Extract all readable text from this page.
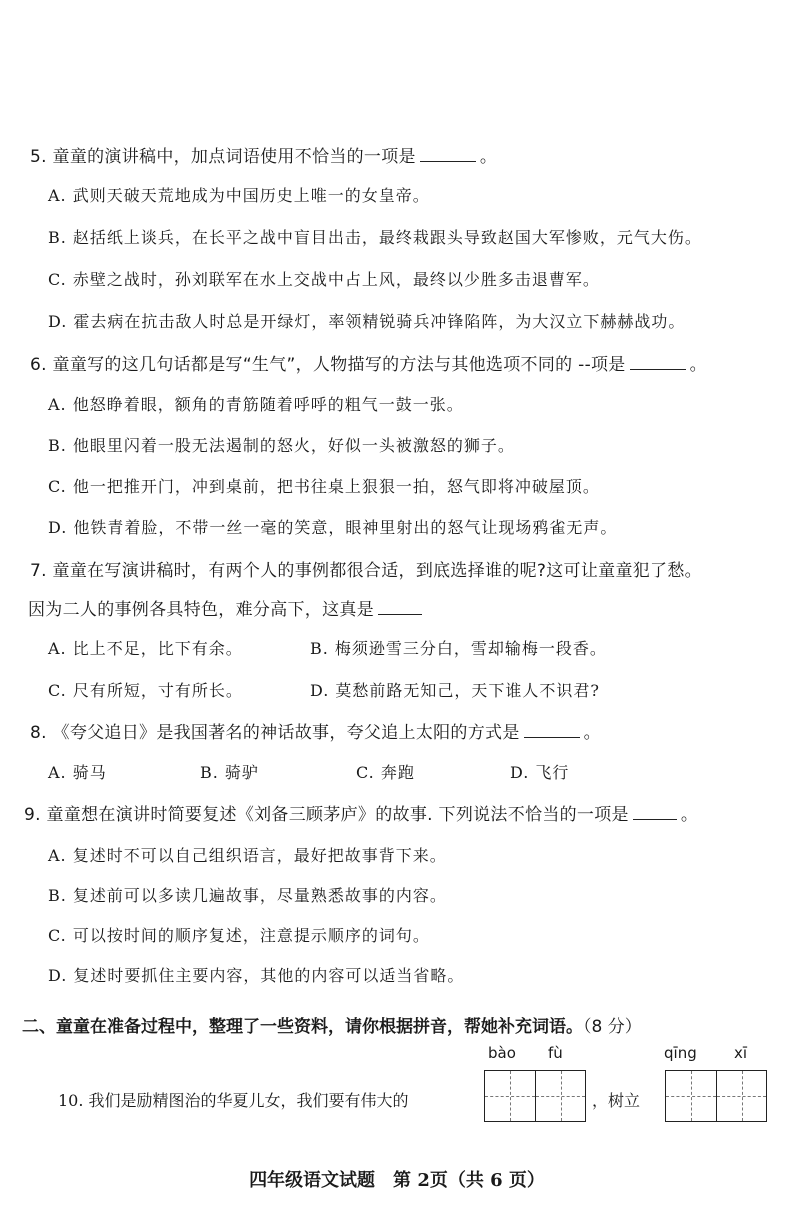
5. 童童的演讲稿中，加点词语使用不恰当的一项是	。
A. 武则天破天荒地成为中国历史上唯一的女皇帝。
B. 赵括纸上谈兵，在长平之战中盲目出击，最终栽跟头导致赵国大军惨败，元气大伤。
C. 赤壁之战时，孙刘联军在水上交战中占上风，最终以少胜多击退曹军。
D. 霍去病在抗击敌人时总是开绿灯，率领精锐骑兵冲锋陷阵，为大汉立下赫赫战功。
6. 童童写的这几句话都是写“生气”，人物描写的方法与其他选项不同的 --项是	。
A. 他怒睁着眼，额角的青筋随着呼呼的粗气一鼓一张。
B. 他眼里闪着一股无法遏制的怒火，好似一头被激怒的狮子。
C. 他一把推开门，冲到桌前，把书往桌上狠狠一拍，怒气即将冲破屋顶。
D. 他铁青着脸，不带一丝一毫的笑意，眼神里射出的怒气让现场鸦雀无声。
7. 童童在写演讲稿时，有两个人的事例都很合适，到底选择谁的呢?这可让童童犯了愁。
因为二人的事例各具特色，难分高下，这真是
A. 比上不足，比下有余。	B. 梅须逊雪三分白，雪却输梅一段香。
C. 尺有所短，寸有所长。	D. 莫愁前路无知己，天下谁人不识君?
8. 《夸父追日》是我国著名的神话故事，夸父追上太阳的方式是	。
A. 骑马	B. 骑驴	C. 奔跑	D. 飞行
9. 童童想在演讲时简要复述《刘备三顾茅庐》的故事. 下列说法不恰当的一项是	。
A. 复述时不可以自己组织语言，最好把故事背下来。
B. 复述前可以多读几遍故事，尽量熟悉故事的内容。
C. 可以按时间的顺序复述，注意提示顺序的词句。
D. 复述时要抓住主要内容，其他的内容可以适当省略。
二、童童在准备过程中，整理了一些资料，请你根据拼音，帮她补充词语。（8 分）
bào fù	qīng xī
10. 我们是励精图治的华夏儿女，我们要有伟大的	，树立
四年级语文试题　第 2页（共 6 页）
